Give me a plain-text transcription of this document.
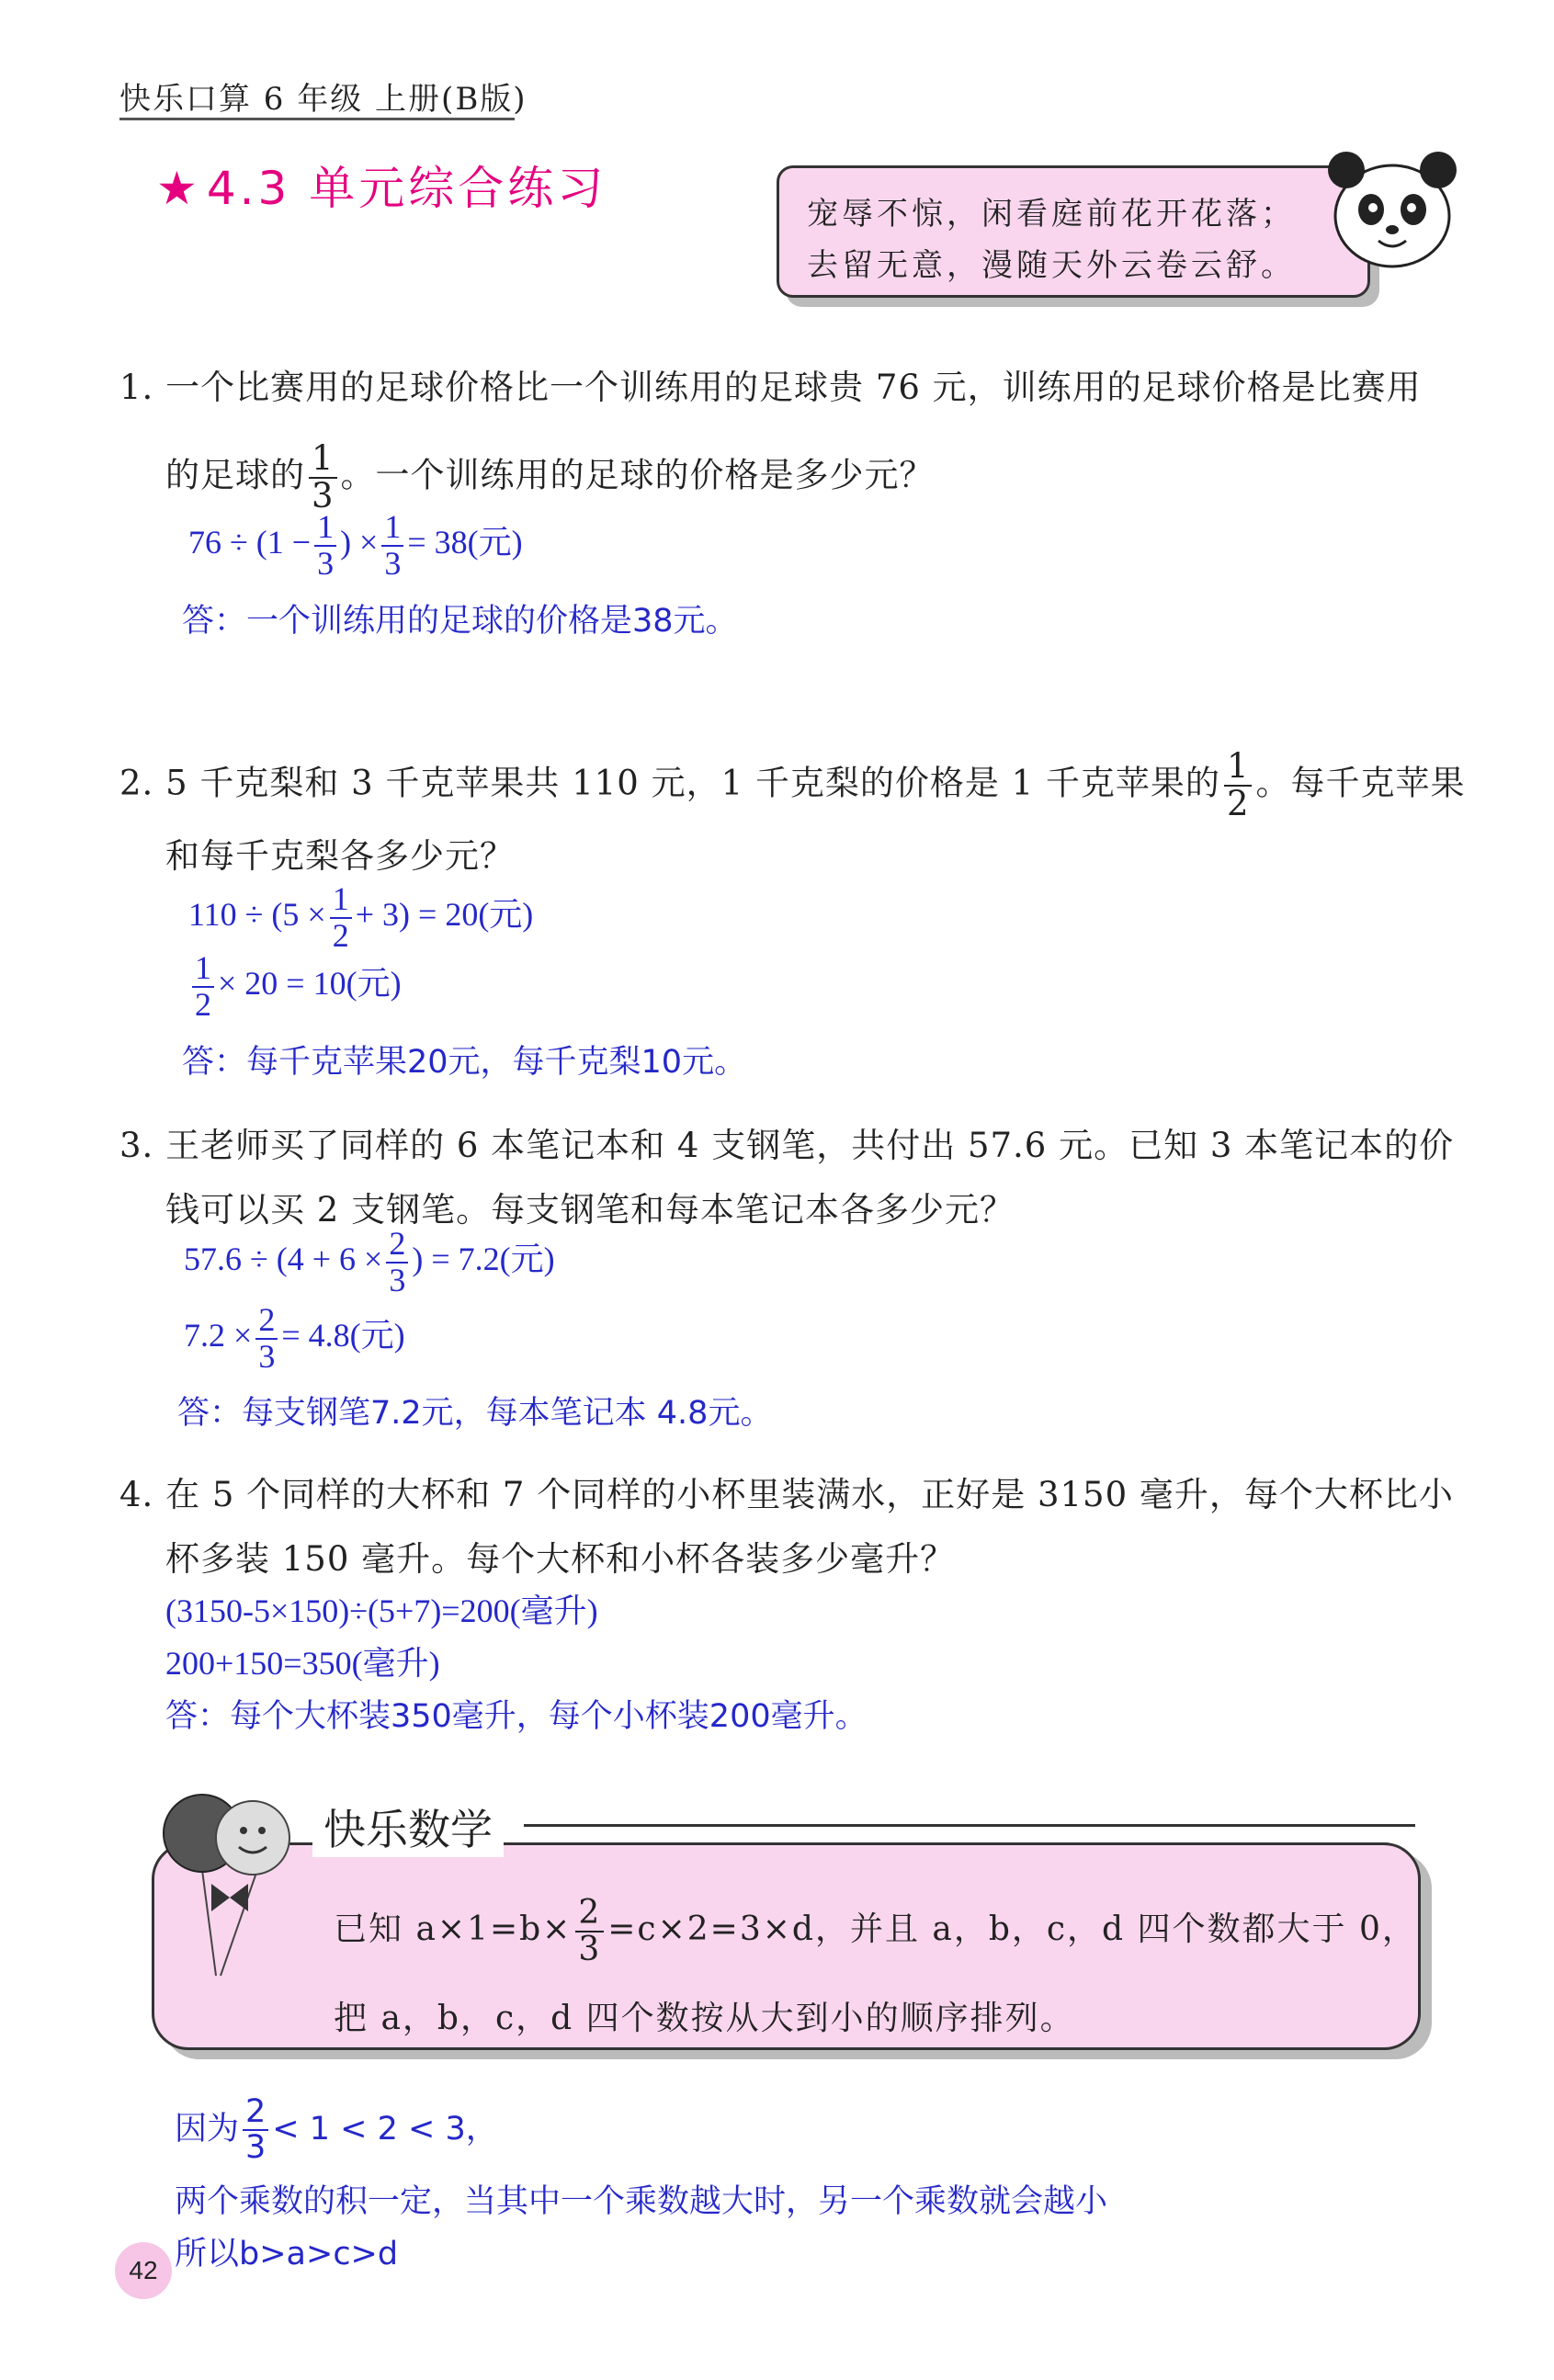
快乐口算 6 年级 上册(B版)
★ 4.3 单元综合练习	宠辱不惊，闲看庭前花开花落；
去留无意，漫随天外云卷云舒。
1. 一个比赛用的足球价格比一个训练用的足球贵 76 元，训练用的足球价格是比赛用
的足球的 $\frac{1}{3}$ 。一个训练用的足球的价格是多少元？
$76 \div (1 - \frac{1}{3}$ ) × $\frac{1}{3} = 38$(元)
答：一个训练用的足球的价格是38元。
2. 5 千克梨和 3 千克苹果共 110 元，1 千克梨的价格是 1 千克苹果的 $\frac{1}{2}$ 。每千克苹果
和每千克梨各多少元？
$110 \div (5 \times \frac{1}{2} + 3) = 20$(元)
$\frac{1}{2} \times 20 = 10$(元)
答：每千克苹果20元，每千克梨10元。
3. 王老师买了同样的 6 本笔记本和 4 支钢笔，共付出 57.6 元。已知 3 本笔记本的价
钱可以买 2 支钢笔。每支钢笔和每本笔记本各多少元？
$57.6 \div (4 + 6 \times \frac{2}{3}$ ) = 7.2(元)
$7.2 \times \frac{2}{3} = 4.8$(元)
答：每支钢笔7.2元，每本笔记本 4.8元。
4. 在 5 个同样的大杯和 7 个同样的小杯里装满水，正好是 3150 毫升，每个大杯比小
杯多装 150 毫升。每个大杯和小杯各装多少毫升？
(3150-5×150)÷(5+7)=200(毫升)
200+150=350(毫升)
答：每个大杯装350毫升，每个小杯装200毫升。
已知 $a\times 1=b\times \frac{2}{3} =c\times 2=3\times d$，并且 a，b，c，d 四个数都大于 0，
把 a，b，c，d 四个数按从大到小的顺序排列。
快乐数学
因为 $\frac{2}{3} < 1 < 2 < 3$，
两个乘数的积一定，当其中一个乘数越大时，另一个乘数就会越小
所以b>a>c>d
42
